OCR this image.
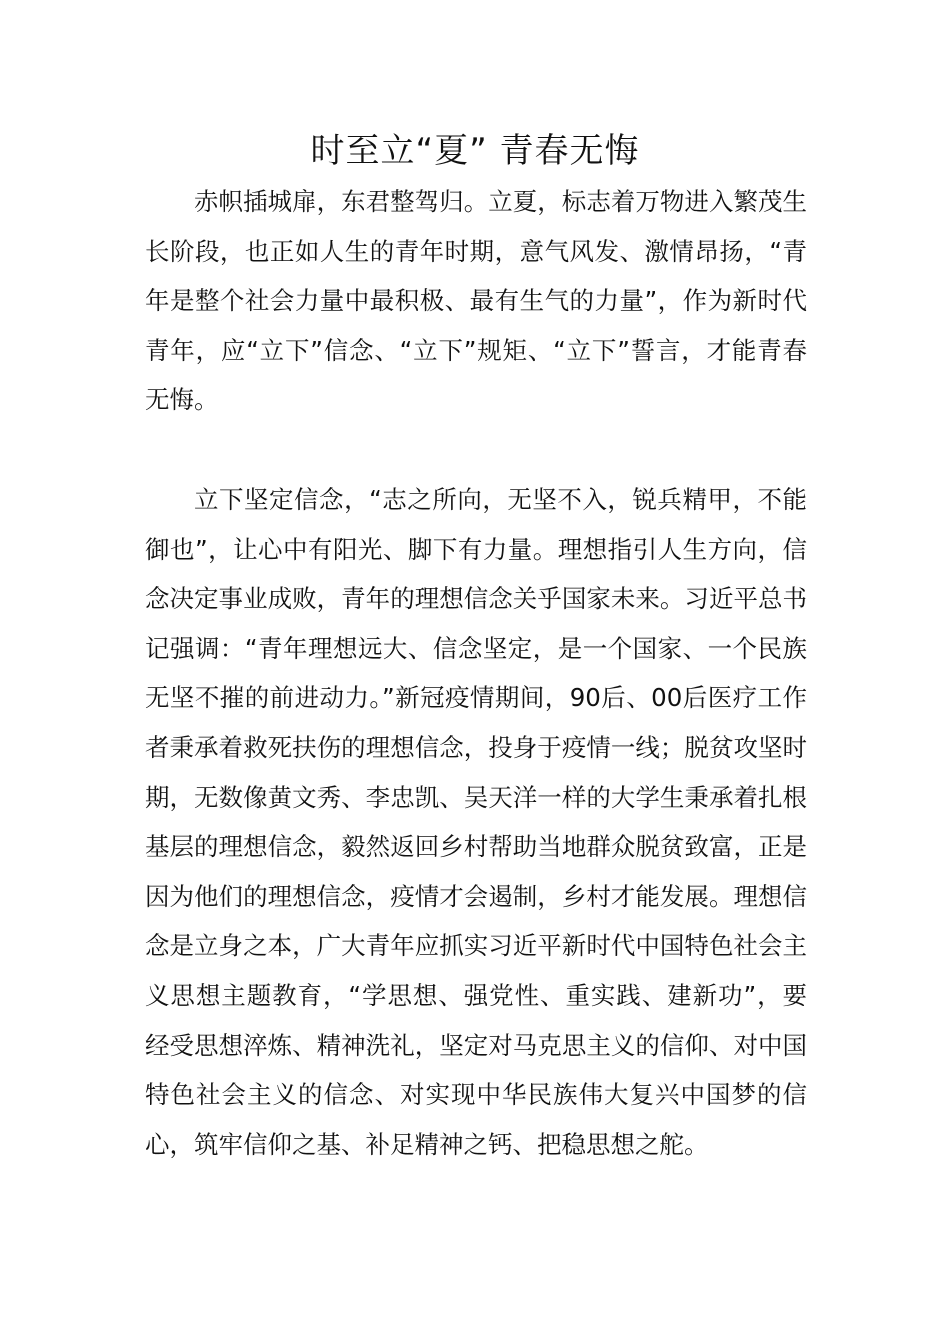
时至立“夏” 青春无悔

赤帜插城扉，东君整驾归。立夏，标志着万物进入繁茂生长阶段，也正如人生的青年时期，意气风发、激情昂扬，“青年是整个社会力量中最积极、最有生气的力量”，作为新时代青年，应“立下”信念、“立下”规矩、“立下”誓言，才能青春无悔。

立下坚定信念，“志之所向，无坚不入，锐兵精甲，不能御也”，让心中有阳光、脚下有力量。理想指引人生方向，信念决定事业成败，青年的理想信念关乎国家未来。习近平总书记强调：“青年理想远大、信念坚定，是一个国家、一个民族无坚不摧的前进动力。”新冠疫情期间，90后、00后医疗工作者秉承着救死扶伤的理想信念，投身于疫情一线；脱贫攻坚时期，无数像黄文秀、李忠凯、吴天洋一样的大学生秉承着扎根基层的理想信念，毅然返回乡村帮助当地群众脱贫致富，正是因为他们的理想信念，疫情才会遏制，乡村才能发展。理想信念是立身之本，广大青年应抓实习近平新时代中国特色社会主义思想主题教育，“学思想、强党性、重实践、建新功”，要经受思想淬炼、精神洗礼，坚定对马克思主义的信仰、对中国特色社会主义的信念、对实现中华民族伟大复兴中国梦的信心，筑牢信仰之基、补足精神之钙、把稳思想之舵。
